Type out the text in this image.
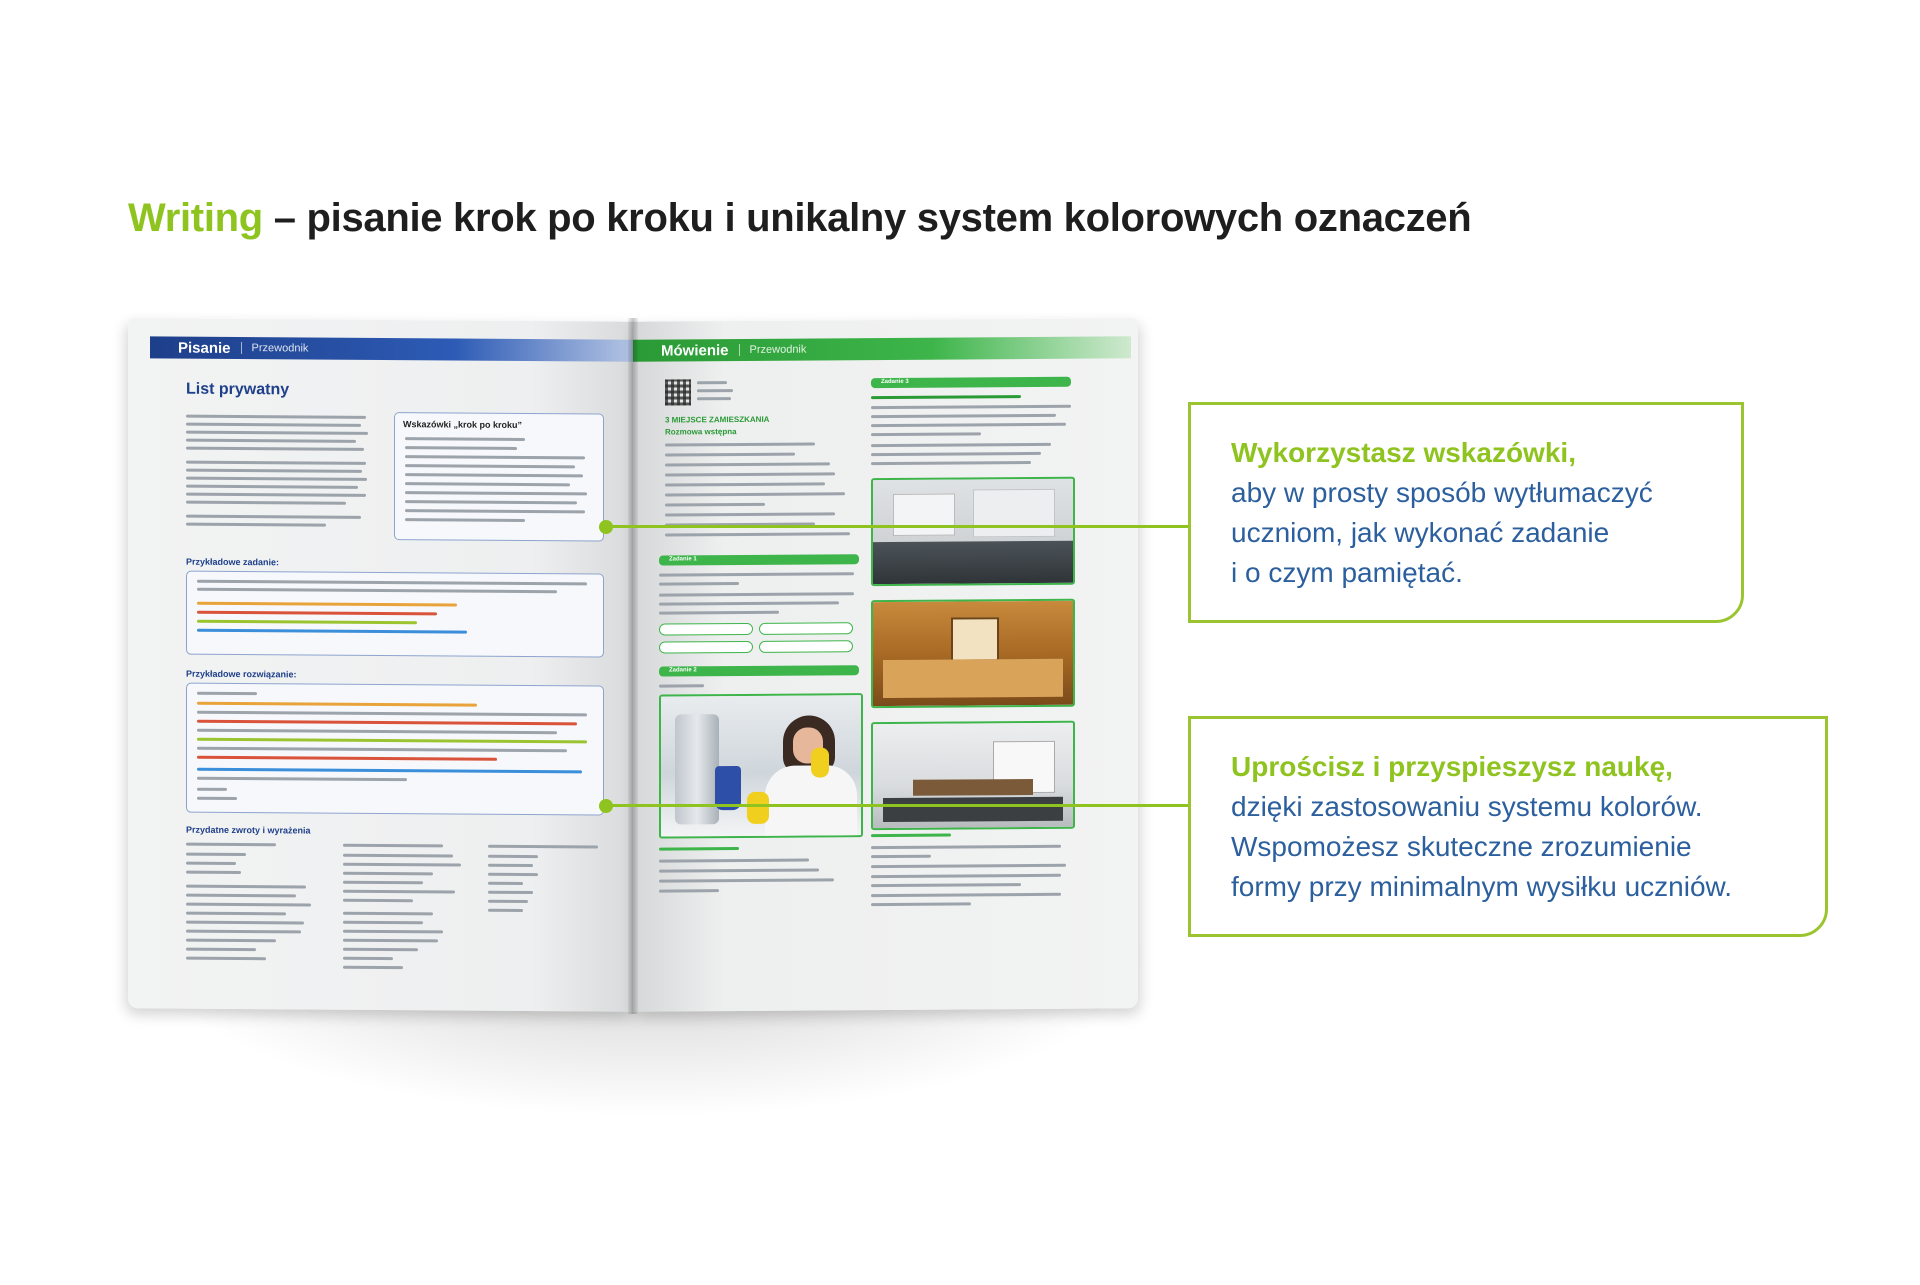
Writing – pisanie krok po kroku i unikalny system kolorowych oznaczeń
Pisanie	Przewodnik
List prywatny
Wskazówki „krok po kroku”
Przykładowe zadanie:
Przykładowe rozwiązanie:
Przydatne zwroty i wyrażenia
Mówienie	Przewodnik
3 MIEJSCE ZAMIESZKANIA
Rozmowa wstępna
Zadanie 1
Zadanie 2
Zadanie 3
Wykorzystasz wskazówki,
aby w prosty sposób wytłumaczyć
uczniom, jak wykonać zadanie
i o czym pamiętać.
Uprościsz i przyspieszysz naukę,
dzięki zastosowaniu systemu kolorów.
Wspomożesz skuteczne zrozumienie
formy przy minimalnym wysiłku uczniów.
